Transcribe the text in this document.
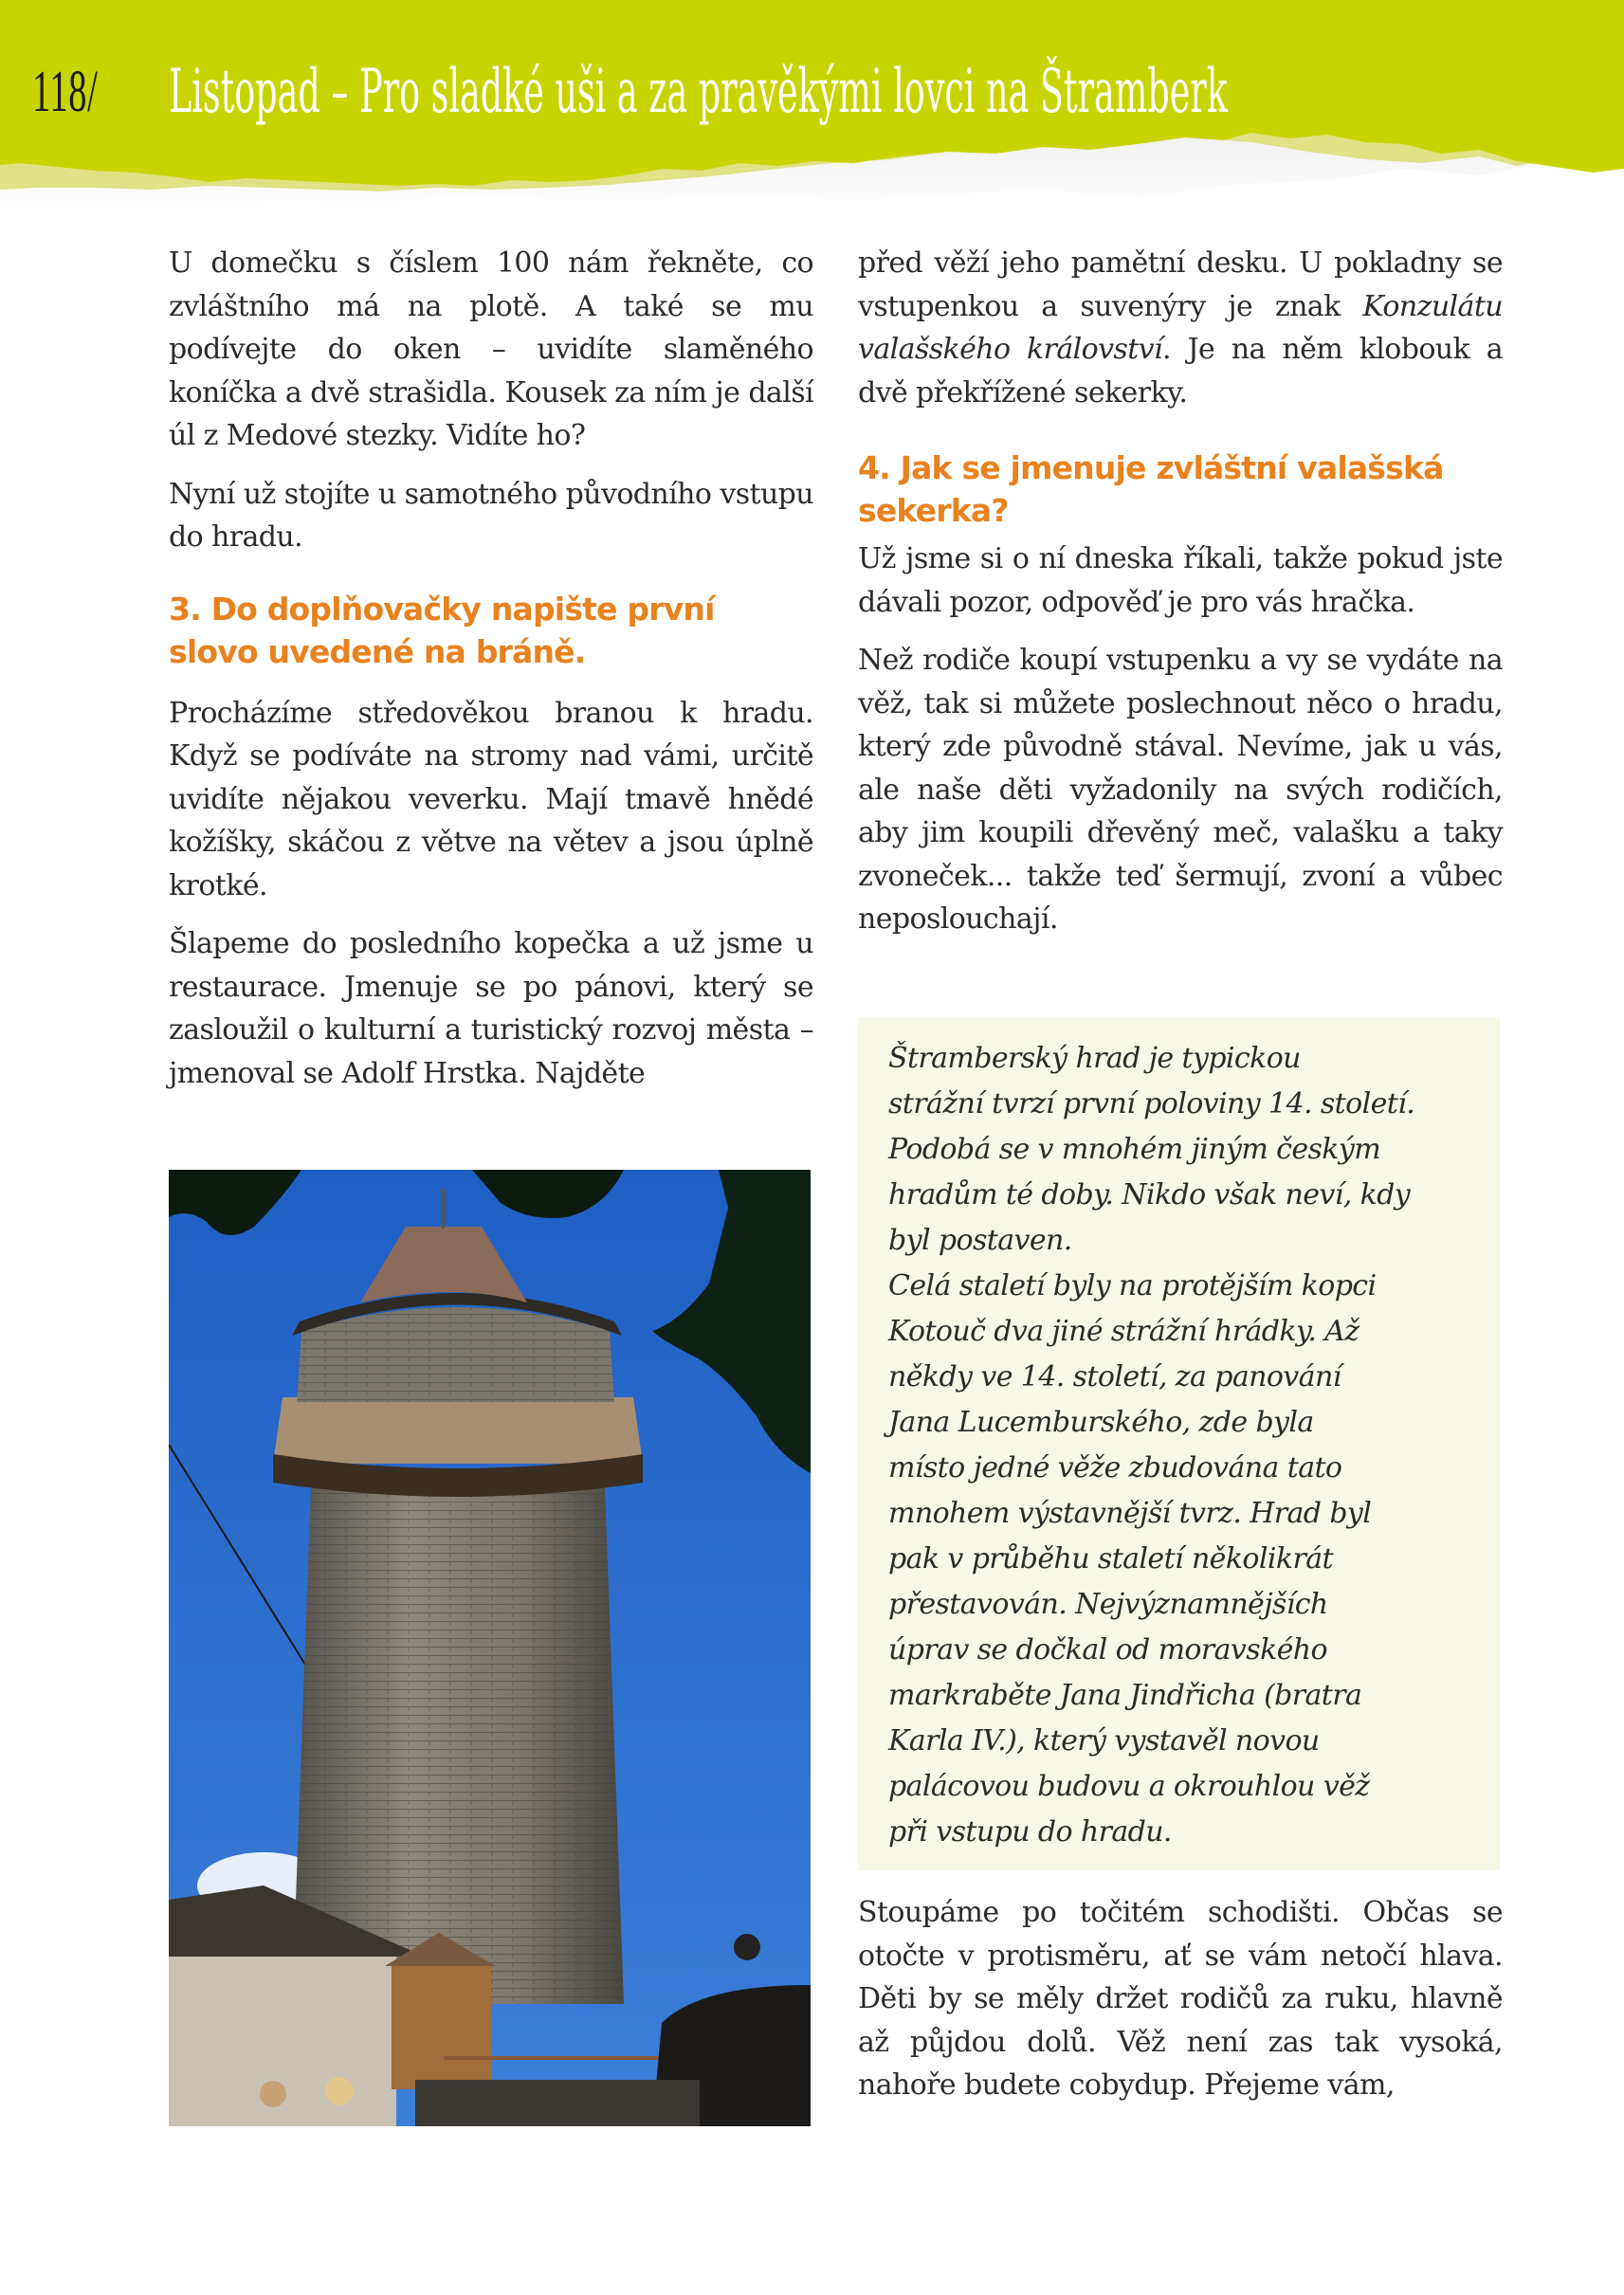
118/ Listopad – Pro sladké uši a za pravěkými lovci na Štramberk

U domečku s číslem 100 nám řekněte, co zvláštního má na plotě. A také se mu podívejte do oken – uvidíte slaměného koníčka a dvě strašidla. Kousek za ním je další úl z Medové stezky. Vidíte ho?

Nyní už stojíte u samotného původního vstupu do hradu.

3. Do doplňovačky napište první slovo uvedené na bráně.

Procházíme středověkou branou k hradu. Když se podíváte na stromy nad vámi, určitě uvidíte nějakou veverku. Mají tmavě hnědé kožíšky, skáčou z větve na větev a jsou úplně krotké.

Šlapeme do posledního kopečka a už jsme u restaurace. Jmenuje se po pánovi, který se zasloužil o kulturní a turistický rozvoj města – jmenoval se Adolf Hrstka. Najděte

před věží jeho pamětní desku. U pokladny se vstupenkou a suvenýry je znak Konzulátu valašského království. Je na něm klobouk a dvě překřížené sekerky.

4. Jak se jmenuje zvláštní valašská sekerka?

Už jsme si o ní dneska říkali, takže pokud jste dávali pozor, odpověď je pro vás hračka.

Než rodiče koupí vstupenku a vy se vydáte na věž, tak si můžete poslechnout něco o hradu, který zde původně stával. Nevíme, jak u vás, ale naše děti vyžadonily na svých rodičích, aby jim koupili dřevěný meč, valašku a taky zvoneček... takže teď šermují, zvoní a vůbec neposlouchají.

Štramberský hrad je typickou

strážní tvrzí první poloviny 14. století.

Podobá se v mnohém jiným českým

hradům té doby. Nikdo však neví, kdy

byl postaven.

Celá staletí byly na protějším kopci

Kotouč dva jiné strážní hrádky. Až

někdy ve 14. století, za panování

Jana Lucemburského, zde byla

místo jedné věže zbudována tato

mnohem výstavnější tvrz. Hrad byl

pak v průběhu staletí několikrát

přestavován. Nejvýznamnějších

úprav se dočkal od moravského

markraběte Jana Jindřicha (bratra

Karla IV.), který vystavěl novou

palácovou budovu a okrouhlou věž

při vstupu do hradu.

Stoupáme po točitém schodišti. Občas se otočte v protisměru, ať se vám netočí hlava. Děti by se měly držet rodičů za ruku, hlavně až půjdou dolů. Věž není zas tak vysoká, nahoře budete cobydup. Přejeme vám,
